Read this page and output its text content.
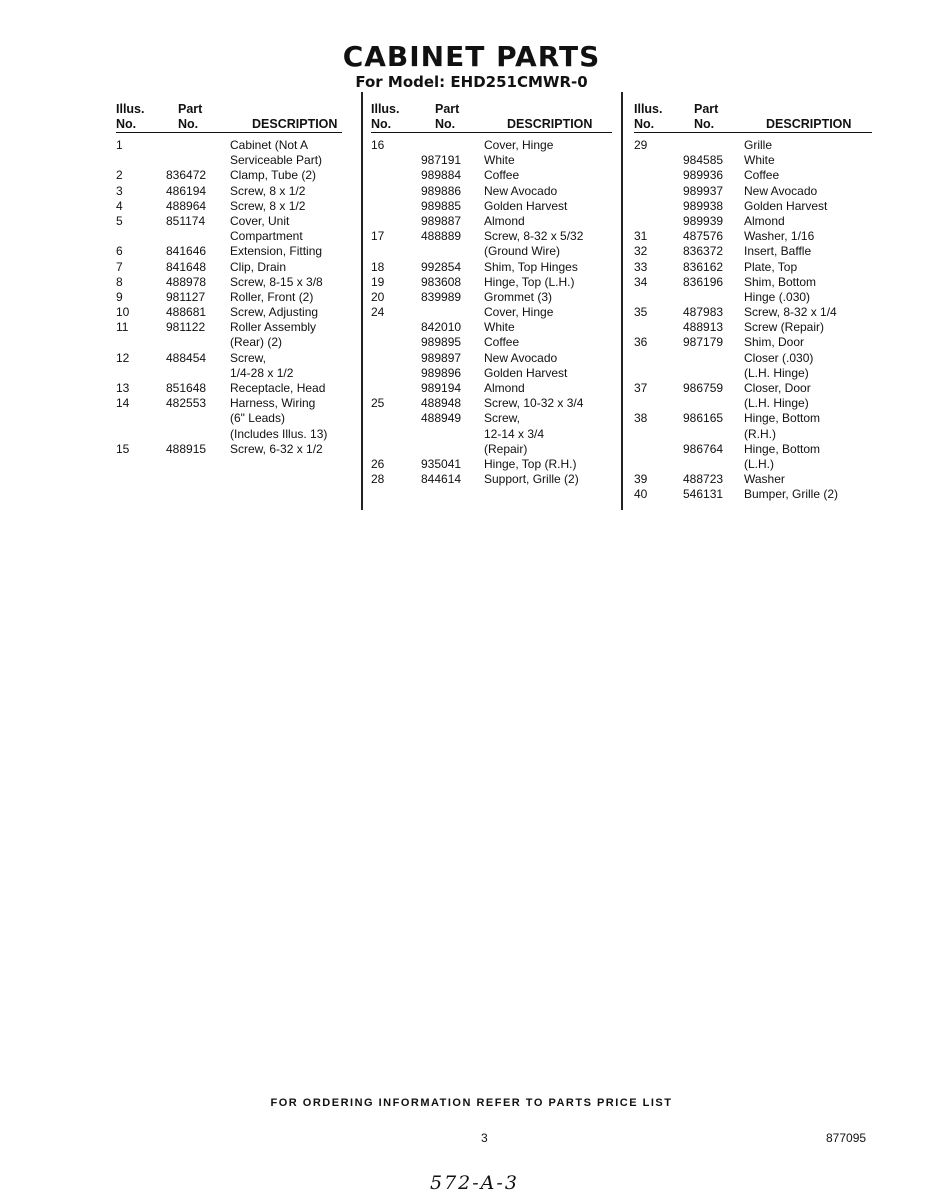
CABINET PARTS
For Model: EHD251CMWR-0
Illus.
No.
Part
No.	DESCRIPTION
1	Cabinet (Not A
Serviceable Part)
2	836472 Clamp, Tube (2)
3	486194 Screw, 8 x 1/2
4	488964 Screw, 8 x 1/2
5	851174 Cover, Unit
Compartment
6	841646 Extension, Fitting
7	841648 Clip, Drain
8	488978 Screw, 8-15 x 3/8
9	981127 Roller, Front (2)
10	488681 Screw, Adjusting
11	981122 Roller Assembly
(Rear) (2)
12	488454 Screw,
1/4-28 x 1/2
13	851648 Receptacle, Head
14	482553 Harness, Wiring
(6" Leads)
(Includes Illus. 13)
15	488915 Screw, 6-32 x 1/2
Illus.
No.
Part
No.	DESCRIPTION
16	Cover, Hinge
987191 White
989884 Coffee
989886 New Avocado
989885 Golden Harvest
989887 Almond
17	488889 Screw, 8-32 x 5/32
(Ground Wire)
18	992854 Shim, Top Hinges
19	983608 Hinge, Top (L.H.)
20	839989 Grommet (3)
24	Cover, Hinge
842010 White
989895 Coffee
989897 New Avocado
989896 Golden Harvest
989194 Almond
25	488948 Screw, 10-32 x 3/4
488949 Screw,
12-14 x 3/4
(Repair)
26	935041 Hinge, Top (R.H.)
28	844614 Support, Grille (2)
Illus.
No.
Part
No.	DESCRIPTION
29	Grille
984585 White
989936 Coffee
989937 New Avocado
989938 Golden Harvest
989939 Almond
31	487576 Washer, 1/16
32	836372 Insert, Baffle
33	836162 Plate, Top
34	836196 Shim, Bottom
Hinge (.030)
35	487983 Screw, 8-32 x 1/4
488913 Screw (Repair)
36	987179 Shim, Door
Closer (.030)
(L.H. Hinge)
37	986759 Closer, Door
(L.H. Hinge)
38	986165 Hinge, Bottom
(R.H.)
986764 Hinge, Bottom
(L.H.)
39	488723 Washer
40	546131 Bumper, Grille (2)
FOR ORDERING INFORMATION REFER TO PARTS PRICE LIST
3	877095
572-A-3
